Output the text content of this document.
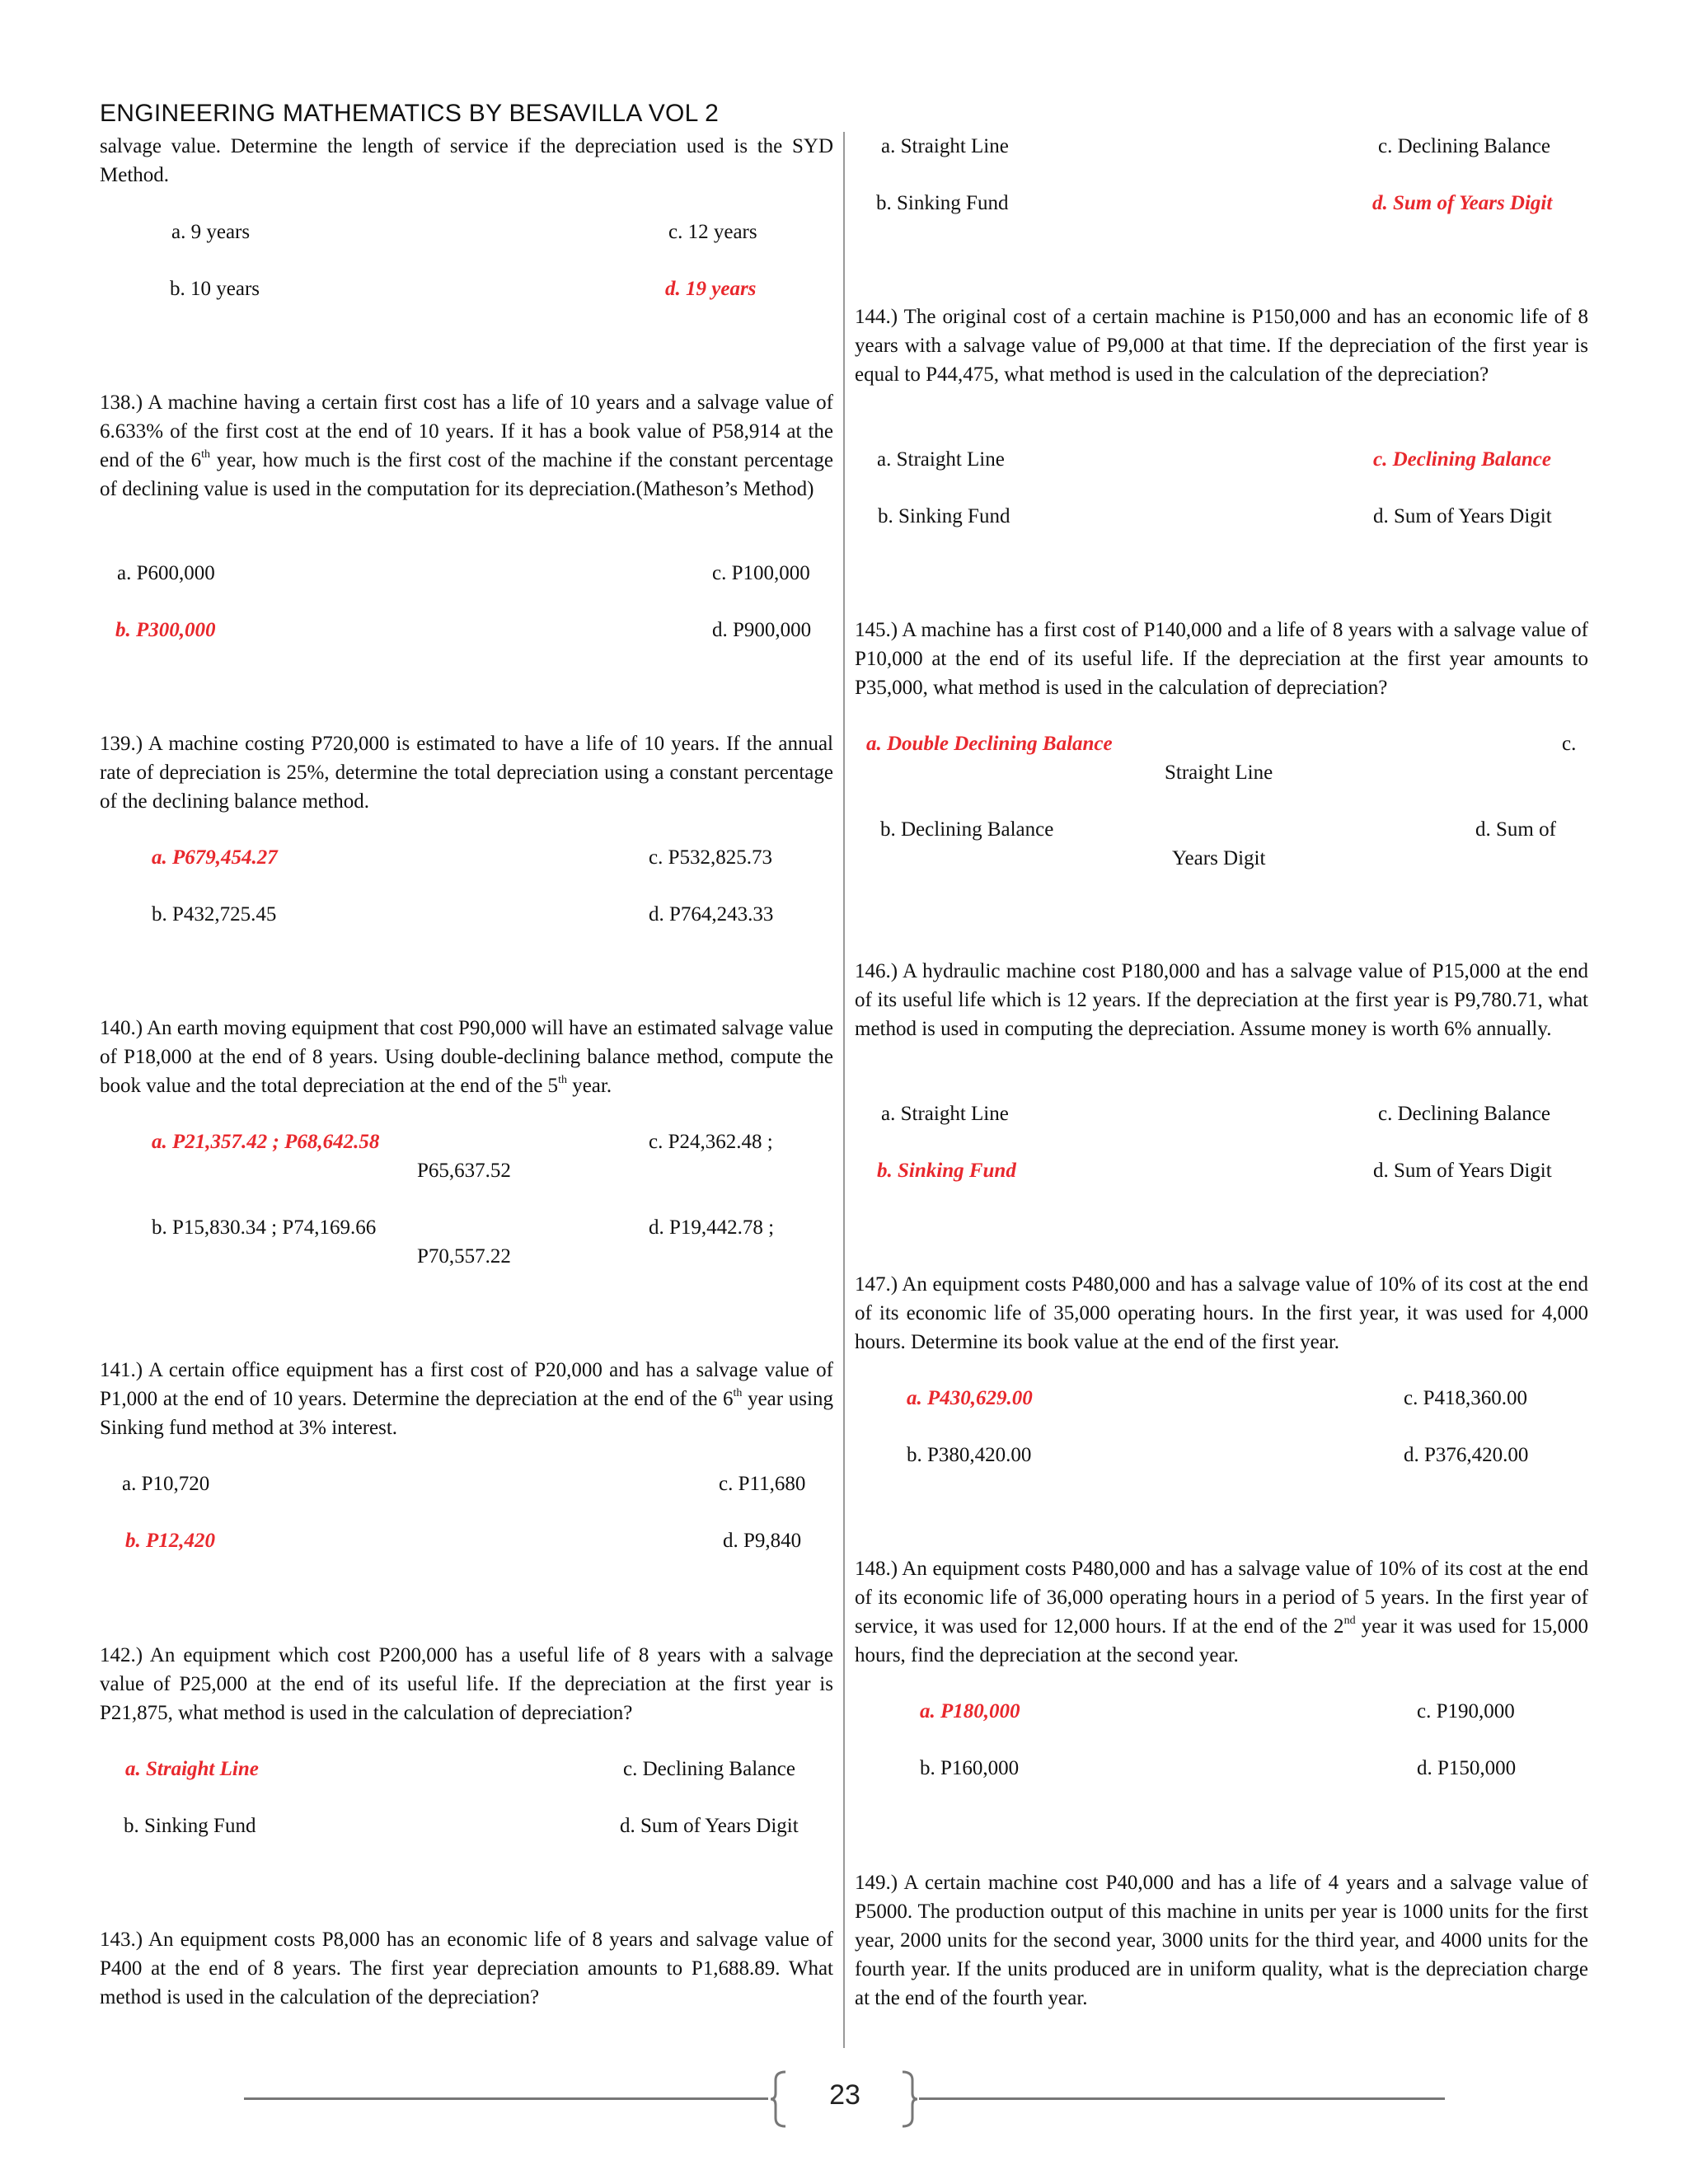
ENGINEERING MATHEMATICS BY BESAVILLA VOL 2

salvage value. Determine the length of service if the depreciation used is the SYD Method.

a. 9 years	c. 12 years
b. 10 years	d. 19 years

138.) A machine having a certain first cost has a life of 10 years and a salvage value of 6.633% of the first cost at the end of 10 years. If it has a book value of P58,914 at the end of the 6th year, how much is the first cost of the machine if the constant percentage of declining value is used in the computation for its depreciation.(Matheson’s Method)

a. P600,000	c. P100,000
b. P300,000	d. P900,000

139.) A machine costing P720,000 is estimated to have a life of 10 years. If the annual rate of depreciation is 25%, determine the total depreciation using a constant percentage of the declining balance method.

a. P679,454.27	c. P532,825.73
b. P432,725.45	d. P764,243.33

140.) An earth moving equipment that cost P90,000 will have an estimated salvage value of P18,000 at the end of 8 years. Using double-declining balance method, compute the book value and the total depreciation at the end of the 5th year.

a. P21,357.42 ; P68,642.58	c. P24,362.48 ;
P65,637.52
b. P15,830.34 ; P74,169.66	d. P19,442.78 ;
P70,557.22

141.) A certain office equipment has a first cost of P20,000 and has a salvage value of P1,000 at the end of 10 years. Determine the depreciation at the end of the 6th year using Sinking fund method at 3% interest.

a. P10,720	c. P11,680
b. P12,420	d. P9,840

142.) An equipment which cost P200,000 has a useful life of 8 years with a salvage value of P25,000 at the end of its useful life. If the depreciation at the first year is P21,875, what method is used in the calculation of depreciation?

a. Straight Line	c. Declining Balance
b. Sinking Fund	d. Sum of Years Digit

143.) An equipment costs P8,000 has an economic life of 8 years and salvage value of P400 at the end of 8 years. The first year depreciation amounts to P1,688.89. What method is used in the calculation of the depreciation?

a. Straight Line	c. Declining Balance
b. Sinking Fund	d. Sum of Years Digit

144.) The original cost of a certain machine is P150,000 and has an economic life of 8 years with a salvage value of P9,000 at that time. If the depreciation of the first year is equal to P44,475, what method is used in the calculation of the depreciation?

a. Straight Line	c. Declining Balance
b. Sinking Fund	d. Sum of Years Digit

145.) A machine has a first cost of P140,000 and a life of 8 years with a salvage value of P10,000 at the end of its useful life. If the depreciation at the first year amounts to P35,000, what method is used in the calculation of depreciation?

a. Double Declining Balance	c.
Straight Line
b. Declining Balance	d. Sum of
Years Digit

146.) A hydraulic machine cost P180,000 and has a salvage value of P15,000 at the end of its useful life which is 12 years. If the depreciation at the first year is P9,780.71, what method is used in computing the depreciation. Assume money is worth 6% annually.

a. Straight Line	c. Declining Balance
b. Sinking Fund	d. Sum of Years Digit

147.) An equipment costs P480,000 and has a salvage value of 10% of its cost at the end of its economic life of 35,000 operating hours. In the first year, it was used for 4,000 hours. Determine its book value at the end of the first year.

a. P430,629.00	c. P418,360.00
b. P380,420.00	d. P376,420.00

148.) An equipment costs P480,000 and has a salvage value of 10% of its cost at the end of its economic life of 36,000 operating hours in a period of 5 years. In the first year of service, it was used for 12,000 hours. If at the end of the 2nd year it was used for 15,000 hours, find the depreciation at the second year.

a. P180,000	c. P190,000
b. P160,000	d. P150,000

149.) A certain machine cost P40,000 and has a life of 4 years and a salvage value of P5000. The production output of this machine in units per year is 1000 units for the first year, 2000 units for the second year, 3000 units for the third year, and 4000 units for the fourth year. If the units produced are in uniform quality, what is the depreciation charge at the end of the fourth year.

23
